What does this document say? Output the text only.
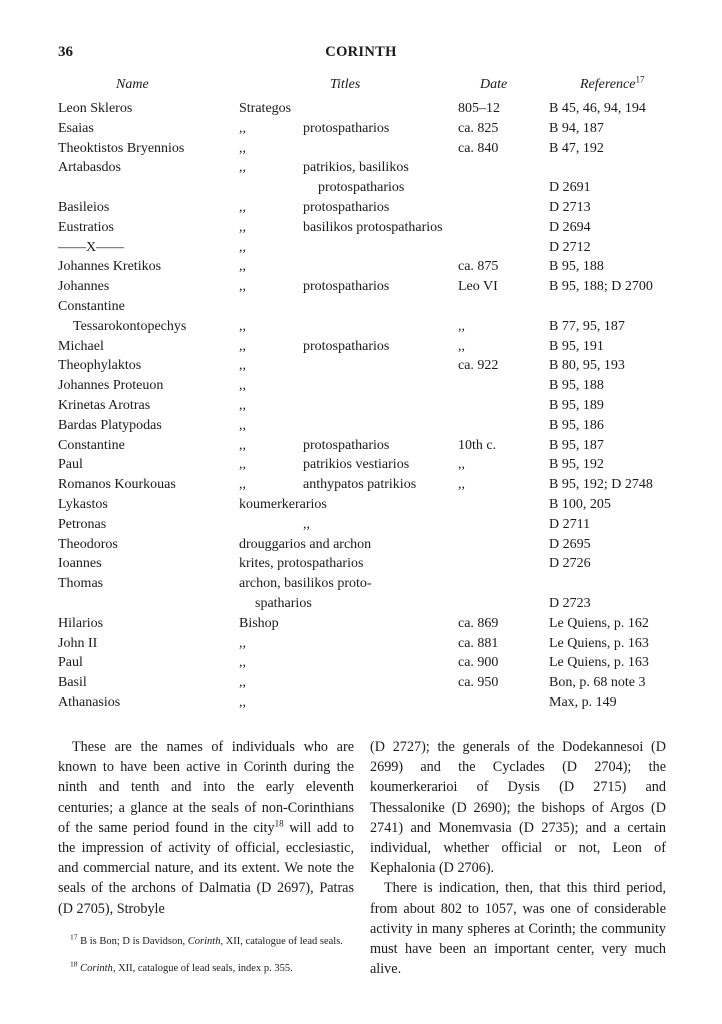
36	CORINTH
Name	Titles	Date	Reference$^{17}$
Leon Skleros	Strategos	805–12	B 45, 46, 94, 194
Esaias	,,	protospatharios	ca. 825	B 94, 187
Theoktistos Bryennios	,,	ca. 840	B 47, 192
Artabasdos	,,	patrikios, basilikos
protospatharios	D 2691
Basileios	,,	protospatharios	D 2713
Eustratios	,,	basilikos protospatharios	D 2694
——X——	,,	D 2712
Johannes Kretikos	,,	ca. 875	B 95, 188
Johannes	,,	protospatharios	Leo VI	B 95, 188; D 2700
Constantine
Tessarokontopechys	,,	,,	B 77, 95, 187
Michael	,,	protospatharios	,,	B 95, 191
Theophylaktos	,,	ca. 922	B 80, 95, 193
Johannes Proteuon	,,	B 95, 188
Krinetas Arotras	,,	B 95, 189
Bardas Platypodas	,,	B 95, 186
Constantine	,,	protospatharios	10th c.	B 95, 187
Paul	,,	patrikios vestiarios	,,	B 95, 192
Romanos Kourkouas	,,	anthypatos patrikios	,,	B 95, 192; D 2748
Lykastos	koumerkerarios	B 100, 205
Petronas	,,	D 2711
Theodoros	drouggarios and archon	D 2695
Ioannes	krites, protospatharios	D 2726
Thomas	archon, basilikos proto-
spatharios	D 2723
Hilarios	Bishop	ca. 869	Le Quiens, p. 162
John II	,,	ca. 881	Le Quiens, p. 163
Paul	,,	ca. 900	Le Quiens, p. 163
Basil	,,	ca. 950	Bon, p. 68 note 3
Athanasios	,,	Max, p. 149

These are the names of individuals who are known to have been active in Corinth during the ninth and tenth and into the early eleventh centuries; a glance at the seals of non-Corinthians of the same period found in the city$^{18}$ will add to the impression of activity of official, ecclesiastic, and commercial nature, and its extent. We note the seals of the archons of Dalmatia (D 2697), Patras (D 2705), Strobyle

(D 2727); the generals of the Dodekannesoi (D 2699) and the Cyclades (D 2704); the koumerkerarioi of Dysis (D 2715) and Thessalonike (D 2690); the bishops of Argos (D 2741) and Monemvasia (D 2735); and a certain individual, whether official or not, Leon of Kephalonia (D 2706).

There is indication, then, that this third period, from about 802 to 1057, was one of considerable activity in many spheres at Corinth; the community must have been an important center, very much alive.

$^{17}$ B is Bon; D is Davidson, Corinth, XII, catalogue of lead seals.
$^{18}$ Corinth, XII, catalogue of lead seals, index p. 355.
